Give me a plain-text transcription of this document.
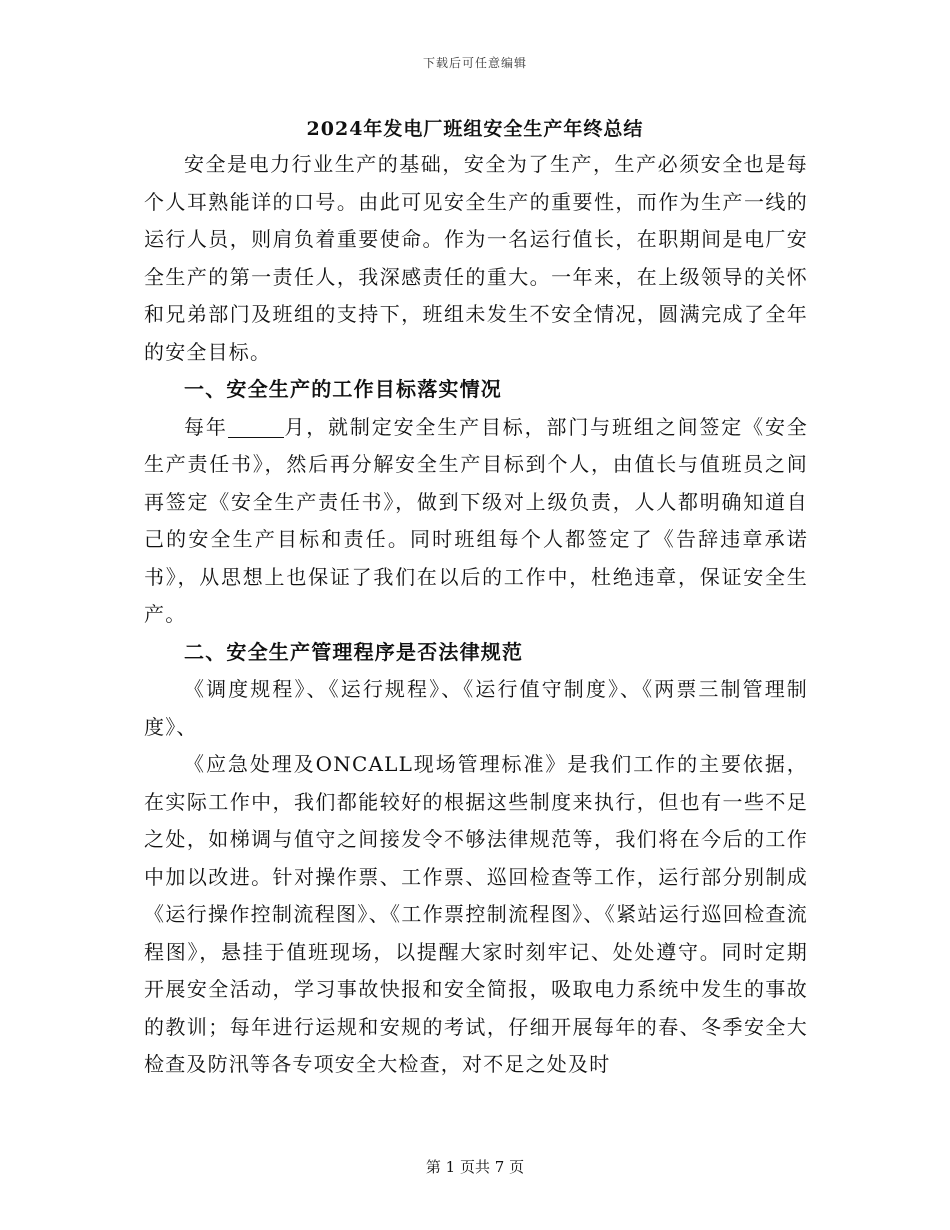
下载后可任意编辑
2024年发电厂班组安全生产年终总结

安全是电力行业生产的基础，安全为了生产，生产必须安全也是每个人耳熟能详的口号。由此可见安全生产的重要性，而作为生产一线的运行人员，则肩负着重要使命。作为一名运行值长，在职期间是电厂安全生产的第一责任人，我深感责任的重大。一年来，在上级领导的关怀和兄弟部门及班组的支持下，班组未发生不安全情况，圆满完成了全年的安全目标。

一、安全生产的工作目标落实情况

每年	月，就制定安全生产目标，部门与班组之间签定《安全生产责任书》，然后再分解安全生产目标到个人，由值长与值班员之间再签定《安全生产责任书》，做到下级对上级负责，人人都明确知道自己的安全生产目标和责任。同时班组每个人都签定了《告辞违章承诺书》，从思想上也保证了我们在以后的工作中，杜绝违章，保证安全生产。

二、安全生产管理程序是否法律规范

《调度规程》、《运行规程》、《运行值守制度》、《两票三制管理制度》、

《应急处理及ONCALL现场管理标准》是我们工作的主要依据，在实际工作中，我们都能较好的根据这些制度来执行，但也有一些不足之处，如梯调与值守之间接发令不够法律规范等，我们将在今后的工作中加以改进。针对操作票、工作票、巡回检查等工作，运行部分别制成《运行操作控制流程图》、《工作票控制流程图》、《紧站运行巡回检查流程图》，悬挂于值班现场，以提醒大家时刻牢记、处处遵守。同时定期开展安全活动，学习事故快报和安全简报，吸取电力系统中发生的事故的教训；每年进行运规和安规的考试，仔细开展每年的春、冬季安全大检查及防汛等各专项安全大检查，对不足之处及时

第 1 页共 7 页
